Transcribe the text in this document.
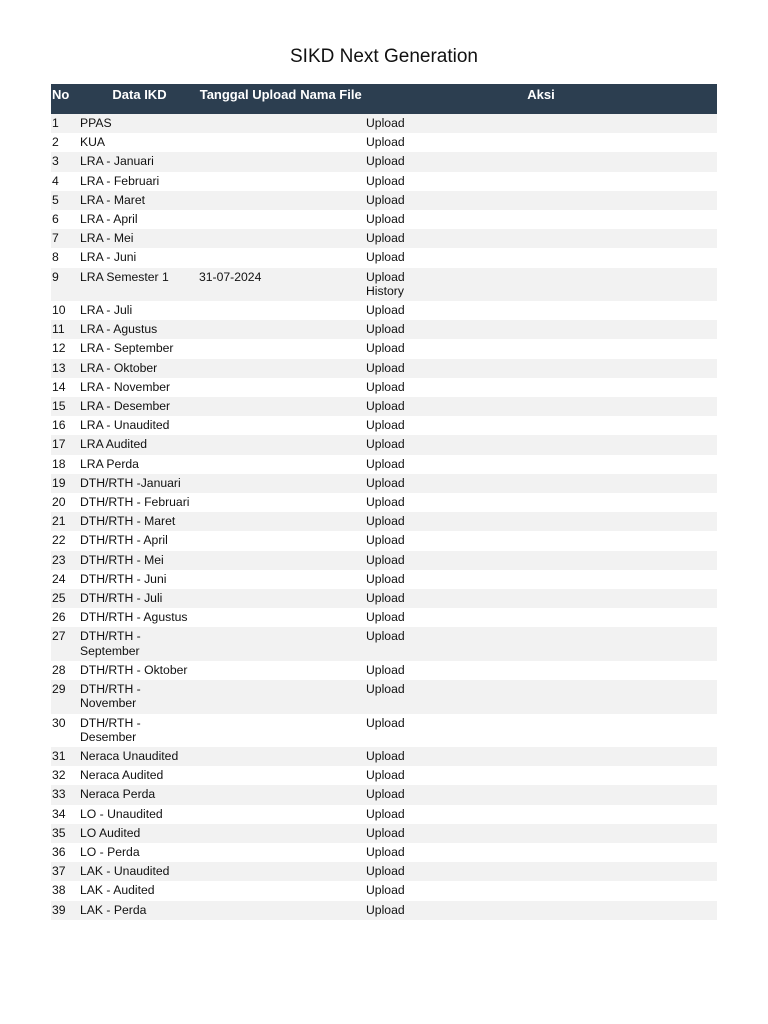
SIKD Next Generation
No	Data IKD	Tanggal Upload	Nama File	Aksi
1	PPAS			Upload

2	KUA			Upload

3	LRA - Januari			Upload

4	LRA - Februari			Upload

5	LRA - Maret			Upload

6	LRA - April			Upload

7	LRA - Mei			Upload

8	LRA - Juni			Upload

9	LRA Semester 1	31-07-2024		Upload
History

10	LRA - Juli			Upload

11	LRA - Agustus			Upload

12	LRA - September			Upload

13	LRA - Oktober			Upload

14	LRA - November			Upload

15	LRA - Desember			Upload

16	LRA - Unaudited			Upload

17	LRA Audited			Upload

18	LRA Perda			Upload

19	DTH/RTH -Januari			Upload

20	DTH/RTH - Februari			Upload

21	DTH/RTH - Maret			Upload

22	DTH/RTH - April			Upload

23	DTH/RTH - Mei			Upload

24	DTH/RTH - Juni			Upload

25	DTH/RTH - Juli			Upload

26	DTH/RTH - Agustus			Upload

27	DTH/RTH - September			Upload

28	DTH/RTH - Oktober			Upload

29	DTH/RTH - November			Upload

30	DTH/RTH - Desember			Upload

31	Neraca Unaudited			Upload

32	Neraca Audited			Upload

33	Neraca Perda			Upload

34	LO - Unaudited			Upload

35	LO Audited			Upload

36	LO - Perda			Upload

37	LAK - Unaudited			Upload

38	LAK - Audited			Upload

39	LAK - Perda			Upload
